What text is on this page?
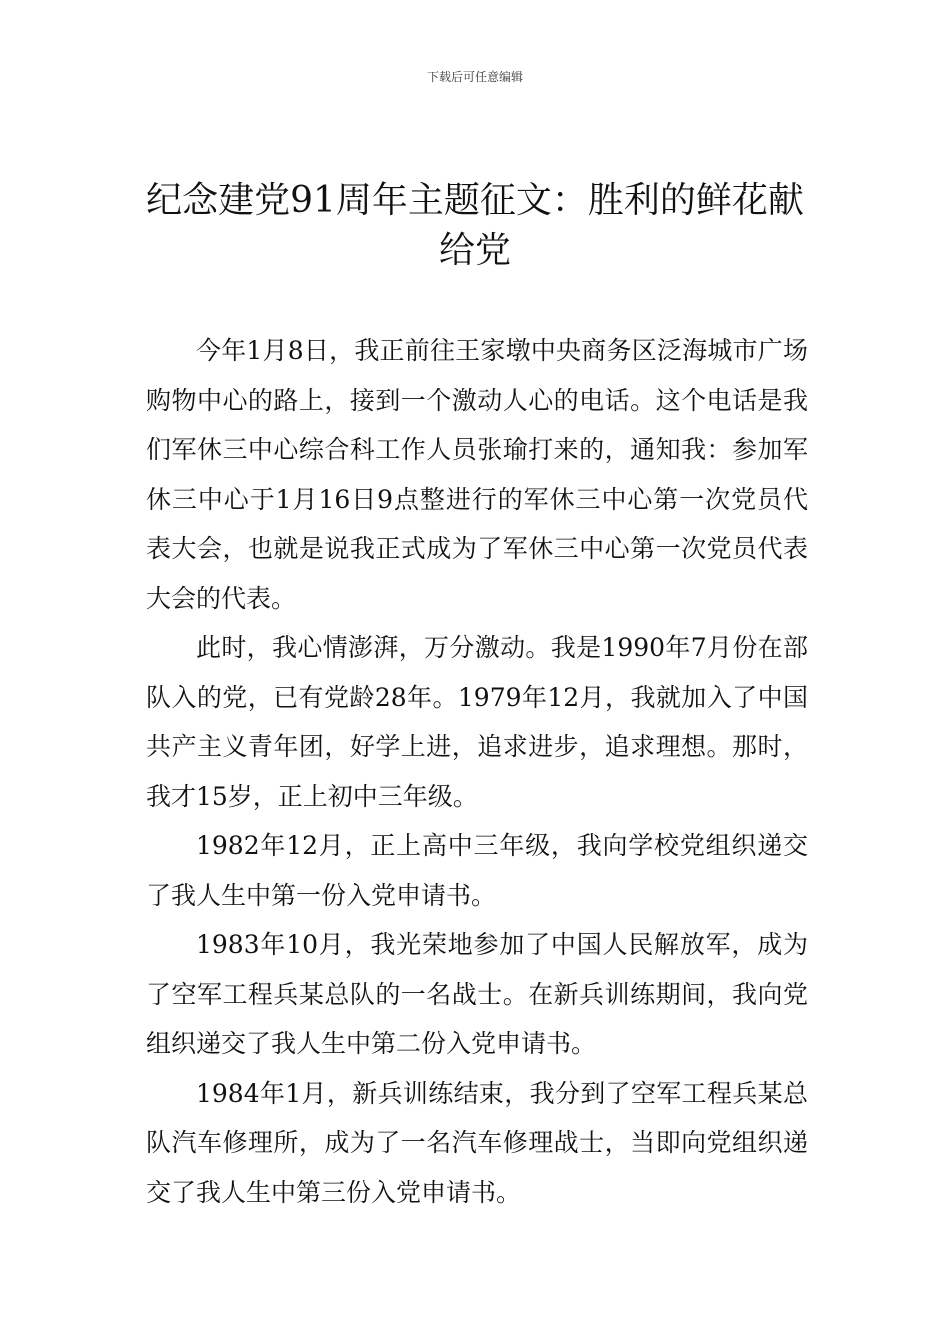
下载后可任意编辑
纪念建党91周年主题征文：胜利的鲜花献给党

今年1月8日，我正前往王家墩中央商务区泛海城市广场购物中心的路上，接到一个激动人心的电话。这个电话是我们军休三中心综合科工作人员张瑜打来的，通知我：参加军休三中心于1月16日9点整进行的军休三中心第一次党员代表大会，也就是说我正式成为了军休三中心第一次党员代表大会的代表。

此时，我心情澎湃，万分激动。我是1990年7月份在部队入的党，已有党龄28年。1979年12月，我就加入了中国共产主义青年团，好学上进，追求进步，追求理想。那时，我才15岁，正上初中三年级。

1982年12月，正上高中三年级，我向学校党组织递交了我人生中第一份入党申请书。

1983年10月，我光荣地参加了中国人民解放军，成为了空军工程兵某总队的一名战士。在新兵训练期间，我向党组织递交了我人生中第二份入党申请书。

1984年1月，新兵训练结束，我分到了空军工程兵某总队汽车修理所，成为了一名汽车修理战士，当即向党组织递交了我人生中第三份入党申请书。
